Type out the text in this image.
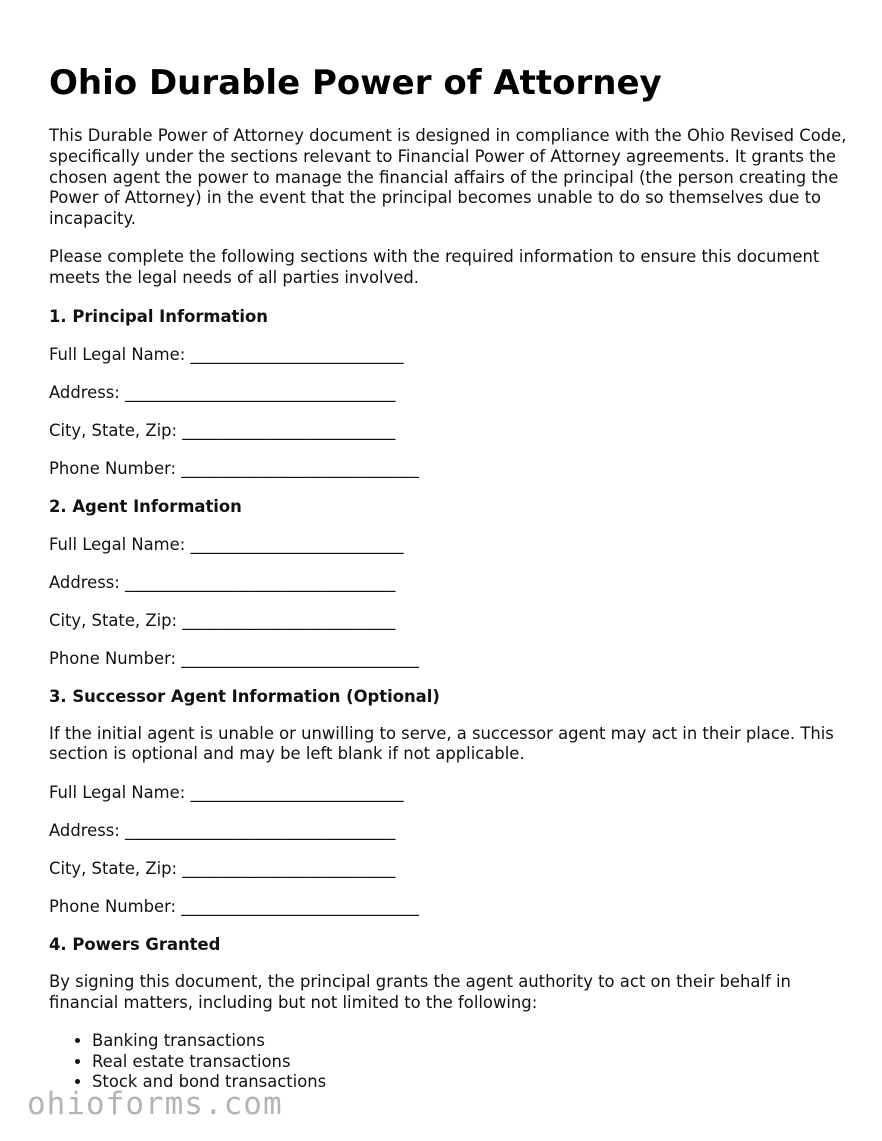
Ohio Durable Power of Attorney

This Durable Power of Attorney document is designed in compliance with the Ohio Revised Code, specifically under the sections relevant to Financial Power of Attorney agreements. It grants the chosen agent the power to manage the financial affairs of the principal (the person creating the Power of Attorney) in the event that the principal becomes unable to do so themselves due to incapacity.

Please complete the following sections with the required information to ensure this document meets the legal needs of all parties involved.

1. Principal Information
Full Legal Name: __________________________
Address: _________________________________
City, State, Zip: __________________________
Phone Number: _____________________________
2. Agent Information
Full Legal Name: __________________________
Address: _________________________________
City, State, Zip: __________________________
Phone Number: _____________________________
3. Successor Agent Information (Optional)

If the initial agent is unable or unwilling to serve, a successor agent may act in their place. This section is optional and may be left blank if not applicable.

Full Legal Name: __________________________
Address: _________________________________
City, State, Zip: __________________________
Phone Number: _____________________________
4. Powers Granted

By signing this document, the principal grants the agent authority to act on their behalf in financial matters, including but not limited to the following:

• Banking transactions
• Real estate transactions
• Stock and bond transactions
ohioforms.com
